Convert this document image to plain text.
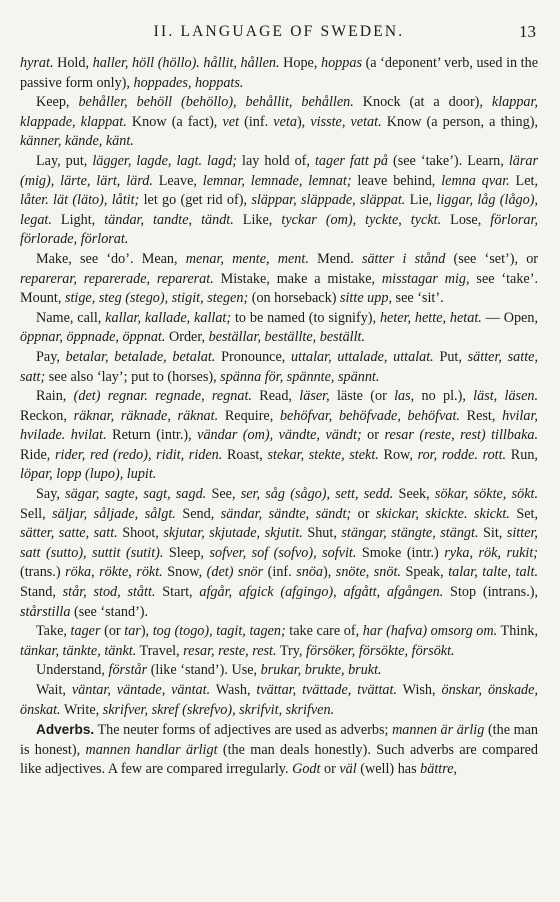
II. LANGUAGE OF SWEDEN.	13

hyrat. Hold, haller, höll (höllo). hållit, hållen. Hope, hoppas (a ‘deponent’ verb, used in the passive form only), hoppades, hoppats.

Keep, behåller, behöll (behöllo), behållit, behållen. Knock (at a door), klappar, klappade, klappat. Know (a fact), vet (inf. veta), visste, vetat. Know (a person, a thing), känner, kände, känt.

Lay, put, lägger, lagde, lagt. lagd; lay hold of, tager fatt på (see ‘take’). Learn, lärar (mig), lärte, lärt, lärd. Leave, lemnar, lemnade, lemnat; leave behind, lemna qvar. Let, låter. lät (läto), låtit; let go (get rid of), släppar, släppade, släppat. Lie, liggar, låg (lågo), legat. Light, tändar, tandte, tändt. Like, tyckar (om), tyckte, tyckt. Lose, förlorar, förlorade, förlorat.

Make, see ‘do’. Mean, menar, mente, ment. Mend. sätter i stånd (see ‘set’), or reparerar, reparerade, reparerat. Mistake, make a mistake, misstagar mig, see ‘take’. Mount, stige, steg (stego), stigit, stegen; (on horseback) sitte upp, see ‘sit’.

Name, call, kallar, kallade, kallat; to be named (to signify), heter, hette, hetat. — Open, öppnar, öppnade, öppnat. Order, beställar, beställte, beställt.

Pay, betalar, betalade, betalat. Pronounce, uttalar, uttalade, uttalat. Put, sätter, satte, satt; see also ‘lay’; put to (horses), spänna för, spännte, spännt.

Rain, (det) regnar. regnade, regnat. Read, läser, läste (or las, no pl.), läst, läsen. Reckon, räknar, räknade, räknat. Require, behöfvar, behöfvade, behöfvat. Rest, hvilar, hvilade. hvilat. Return (intr.), vändar (om), vändte, vändt; or resar (reste, rest) tillbaka. Ride, rider, red (redo), ridit, riden. Roast, stekar, stekte, stekt. Row, ror, rodde. rott. Run, löpar, lopp (lupo), lupit.

Say, sägar, sagte, sagt, sagd. See, ser, såg (sågo), sett, sedd. Seek, sökar, sökte, sökt. Sell, säljar, såljade, sålgt. Send, sändar, sändte, sändt; or skickar, skickte. skickt. Set, sätter, satte, satt. Shoot, skjutar, skjutade, skjutit. Shut, stängar, stängte, stängt. Sit, sitter, satt (sutto), suttit (sutit). Sleep, sofver, sof (sofvo), sofvit. Smoke (intr.) ryka, rök, rukit; (trans.) röka, rökte, rökt. Snow, (det) snör (inf. snöa), snöte, snöt. Speak, talar, talte, talt. Stand, står, stod, stått. Start, afgår, afgick (afgingo), afgått, afgången. Stop (intrans.), stårstilla (see ‘stand’).

Take, tager (or tar), tog (togo), tagit, tagen; take care of, har (hafva) omsorg om. Think, tänkar, tänkte, tänkt. Travel, resar, reste, rest. Try, försöker, försökte, försökt.

Understand, förstår (like ‘stand’). Use, brukar, brukte, brukt.

Wait, väntar, väntade, väntat. Wash, tvättar, tvättade, tvättat. Wish, önskar, önskade, önskat. Write, skrifver, skref (skrefvo), skrifvit, skrifven.

Adverbs. The neuter forms of adjectives are used as adverbs; mannen är ärlig (the man is honest), mannen handlar ärligt (the man deals honestly). Such adverbs are compared like adjectives. A few are compared irregularly. Godt or väl (well) has bättre,
